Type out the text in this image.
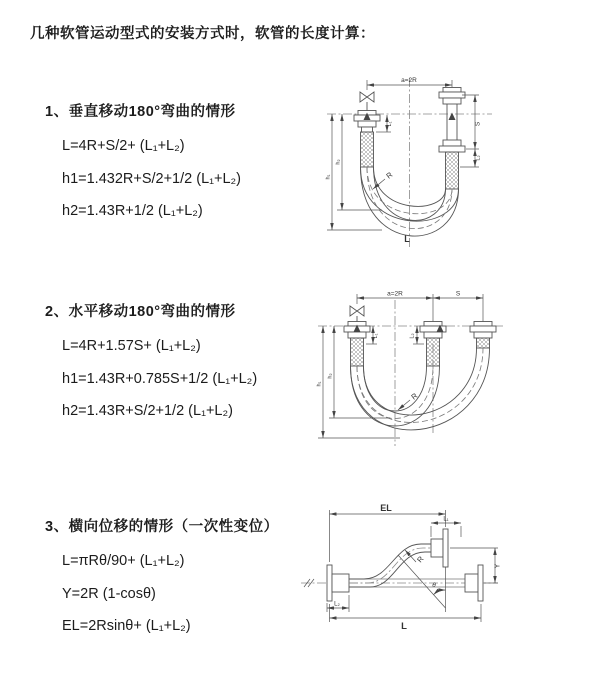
几种软管运动型式的安装方式时，软管的长度计算：
1、垂直移动180°弯曲的情形

L=4R+S/2+ (L₁+L₂)

h1=1.432R+S/2+1/2 (L₁+L₂)

h2=1.43R+1/2 (L₁+L₂)

2、水平移动180°弯曲的情形

L=4R+1.57S+ (L₁+L₂)

h1=1.43R+0.785S+1/2 (L₁+L₂)

h2=1.43R+S/2+1/2 (L₁+L₂)

3、横向位移的情形（一次性变位）

L=πRθ/90+ (L₁+L₂)

Y=2R (1-cosθ)

EL=2Rsinθ+ (L₁+L₂)

a=2R
h₁
h₂
L₁	S
L₂
R
L
a=2R	S
h₁
h₂
L₁	L₂
R
EL
L₁
Y
L
L₂
R
θ
